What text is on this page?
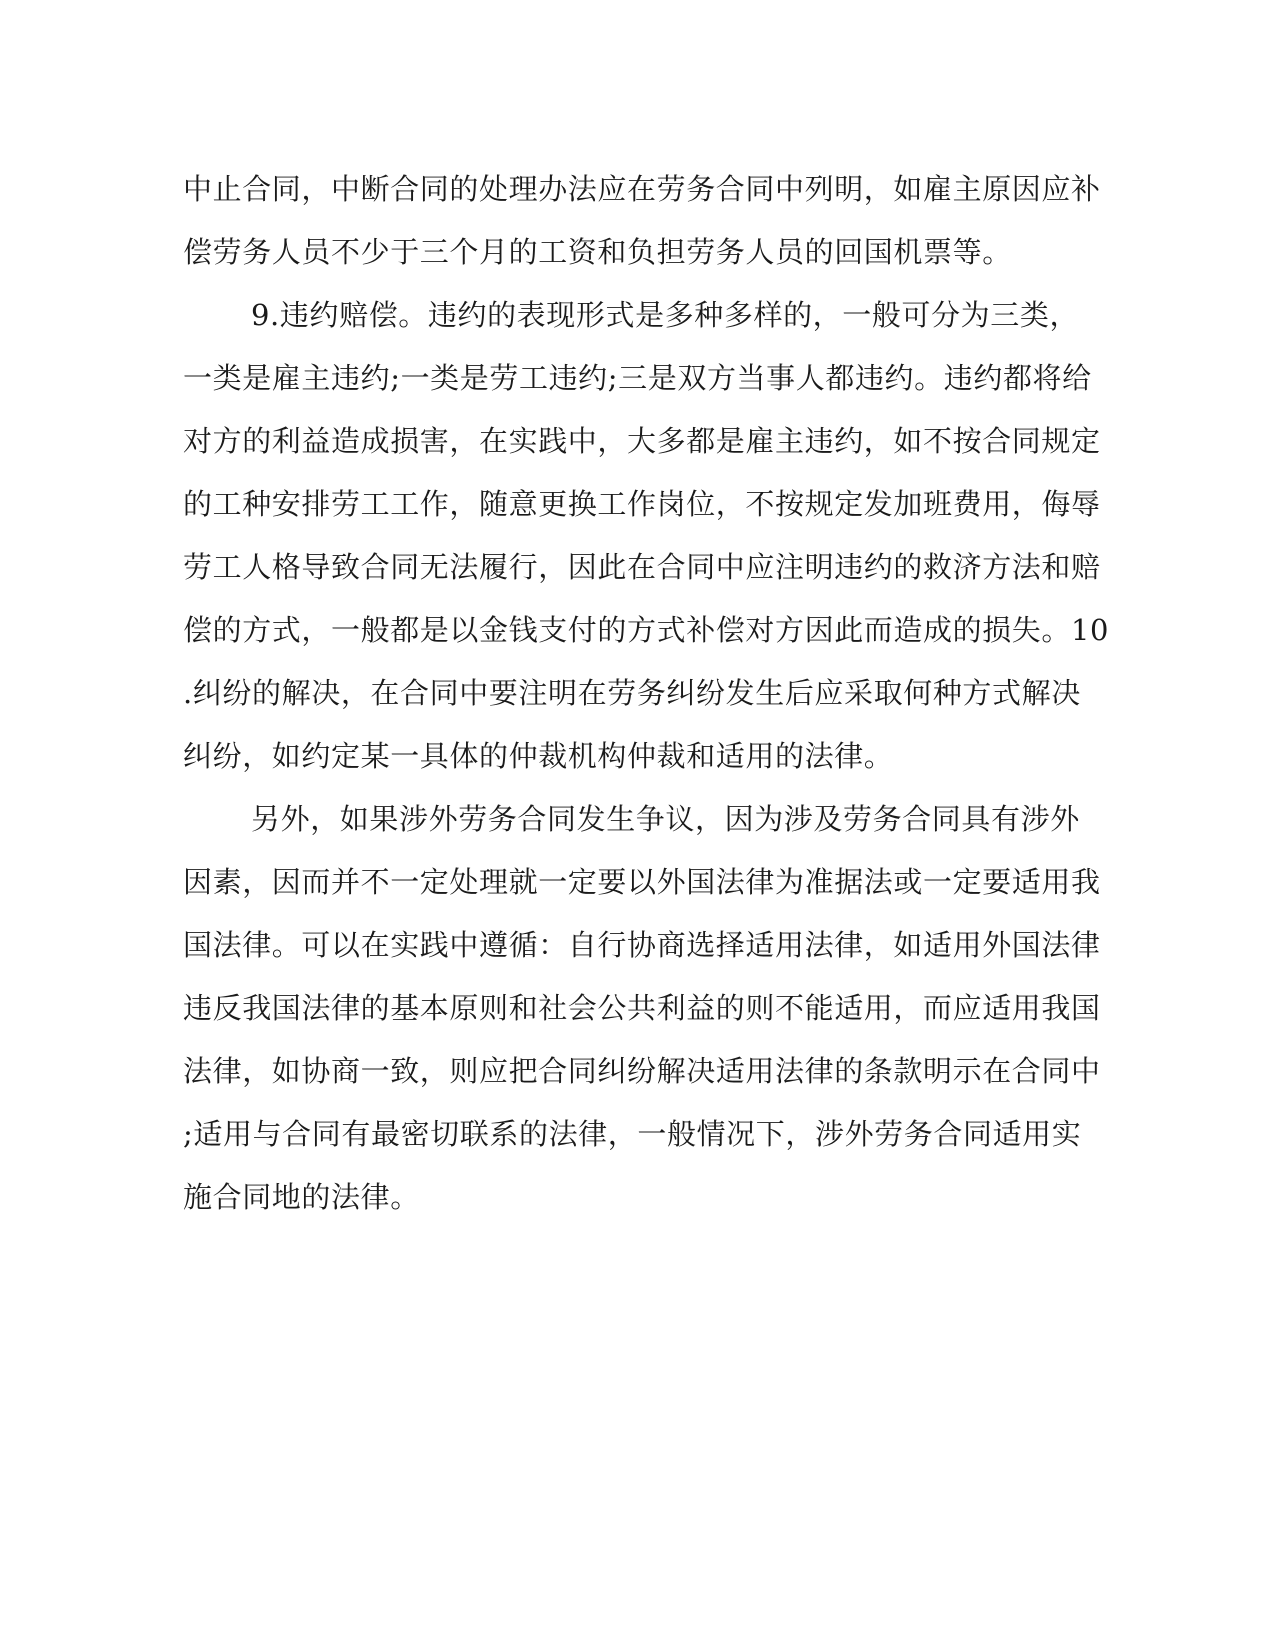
中止合同，中断合同的处理办法应在劳务合同中列明，如雇主原因应补
偿劳务人员不少于三个月的工资和负担劳务人员的回国机票等。
9.违约赔偿。违约的表现形式是多种多样的，一般可分为三类，
一类是雇主违约;一类是劳工违约;三是双方当事人都违约。违约都将给
对方的利益造成损害，在实践中，大多都是雇主违约，如不按合同规定
的工种安排劳工工作，随意更换工作岗位，不按规定发加班费用，侮辱
劳工人格导致合同无法履行，因此在合同中应注明违约的救济方法和赔
偿的方式，一般都是以金钱支付的方式补偿对方因此而造成的损失。10
.纠纷的解决，在合同中要注明在劳务纠纷发生后应采取何种方式解决
纠纷，如约定某一具体的仲裁机构仲裁和适用的法律。
另外，如果涉外劳务合同发生争议，因为涉及劳务合同具有涉外
因素，因而并不一定处理就一定要以外国法律为准据法或一定要适用我
国法律。可以在实践中遵循：自行协商选择适用法律，如适用外国法律
违反我国法律的基本原则和社会公共利益的则不能适用，而应适用我国
法律，如协商一致，则应把合同纠纷解决适用法律的条款明示在合同中
;适用与合同有最密切联系的法律，一般情况下，涉外劳务合同适用实
施合同地的法律。
